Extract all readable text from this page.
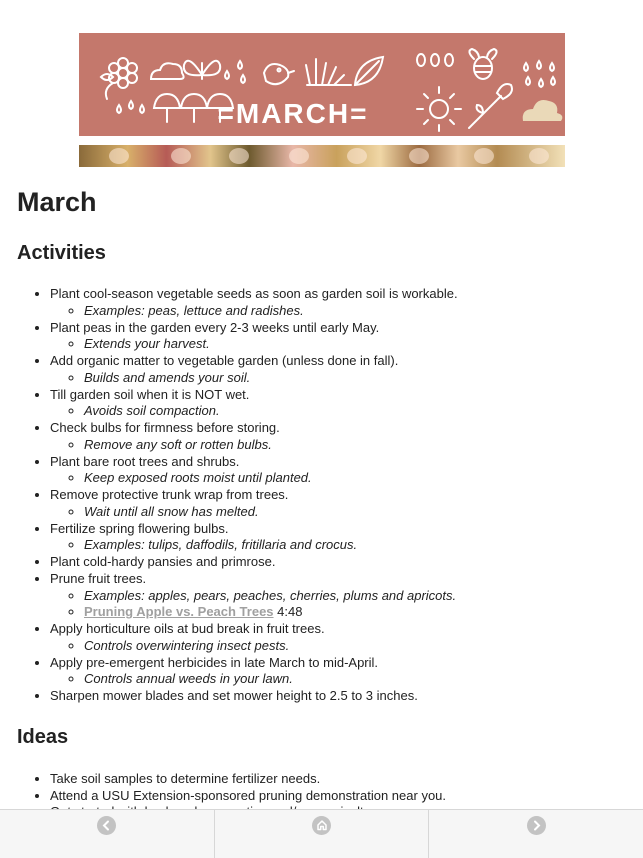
=MARCH=
March
Activities
• Plant cool-season vegetable seeds as soon as garden soil is workable.
◦ Examples: peas, lettuce and radishes.
• Plant peas in the garden every 2-3 weeks until early May.
◦ Extends your harvest.
• Add organic matter to vegetable garden (unless done in fall).
◦ Builds and amends your soil.
• Till garden soil when it is NOT wet.
◦ Avoids soil compaction.
• Check bulbs for firmness before storing.
◦ Remove any soft or rotten bulbs.
• Plant bare root trees and shrubs.
◦ Keep exposed roots moist until planted.
• Remove protective trunk wrap from trees.
◦ Wait until all snow has melted.
• Fertilize spring flowering bulbs.
◦ Examples: tulips, daffodils, fritillaria and crocus.
• Plant cold-hardy pansies and primrose.
• Prune fruit trees.
◦ Examples: apples, pears, peaches, cherries, plums and apricots.
◦ Pruning Apple vs. Peach Trees 4:48
• Apply horticulture oils at bud break in fruit trees.
◦ Controls overwintering insect pests.
• Apply pre-emergent herbicides in late March to mid-April.
◦ Controls annual weeds in your lawn.
• Sharpen mower blades and set mower height to 2.5 to 3 inches.
Ideas
• Take soil samples to determine fertilizer needs.
• Attend a USU Extension-sponsored pruning demonstration near you.
•
